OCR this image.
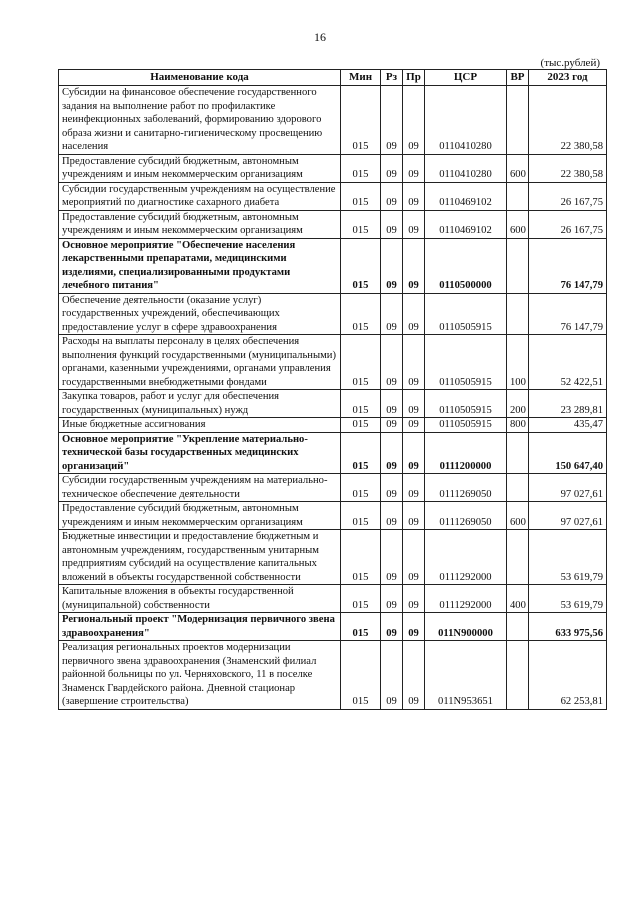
16
(тыс.рублей)
Наименование кода	Мин	Рз	Пр	ЦСР	ВР	2023 год
Субсидии на финансовое обеспечение государственного задания на выполнение работ по профилактике неинфекционных заболеваний, формированию здорового образа жизни и санитарно-гигиеническому просвещению населения	015	09	09	0110410280		22 380,58
Предоставление субсидий бюджетным, автономным учреждениям и иным некоммерческим организациям	015	09	09	0110410280	600	22 380,58
Субсидии государственным учреждениям на осуществление мероприятий по диагностике сахарного диабета	015	09	09	0110469102		26 167,75
Предоставление субсидий бюджетным, автономным учреждениям и иным некоммерческим организациям	015	09	09	0110469102	600	26 167,75
Основное мероприятие "Обеспечение населения лекарственными препаратами, медицинскими изделиями, специализированными продуктами лечебного питания"	015	09	09	0110500000		76 147,79
Обеспечение деятельности (оказание услуг) государственных учреждений, обеспечивающих предоставление услуг в сфере здравоохранения	015	09	09	0110505915		76 147,79
Расходы на выплаты персоналу в целях обеспечения выполнения функций государственными (муниципальными) органами, казенными учреждениями, органами управления государственными внебюджетными фондами	015	09	09	0110505915	100	52 422,51
Закупка товаров, работ и услуг для обеспечения государственных (муниципальных) нужд	015	09	09	0110505915	200	23 289,81
Иные бюджетные ассигнования	015	09	09	0110505915	800	435,47
Основное мероприятие "Укрепление материально-технической базы государственных медицинских организаций"	015	09	09	0111200000		150 647,40
Субсидии государственным учреждениям на материально-техническое обеспечение деятельности	015	09	09	0111269050		97 027,61
Предоставление субсидий бюджетным, автономным учреждениям и иным некоммерческим организациям	015	09	09	0111269050	600	97 027,61
Бюджетные инвестиции и предоставление бюджетным и автономным учреждениям, государственным унитарным предприятиям субсидий на осуществление капитальных вложений в объекты государственной собственности	015	09	09	0111292000		53 619,79
Капитальные вложения в объекты государственной (муниципальной) собственности	015	09	09	0111292000	400	53 619,79
Региональный проект "Модернизация первичного звена здравоохранения"	015	09	09	011N900000		633 975,56
Реализация региональных проектов модернизации первичного звена здравоохранения (Знаменский филиал районной больницы по ул. Черняховского, 11 в поселке Знаменск Гвардейского района. Дневной стационар (завершение строительства)	015	09	09	011N953651		62 253,81
